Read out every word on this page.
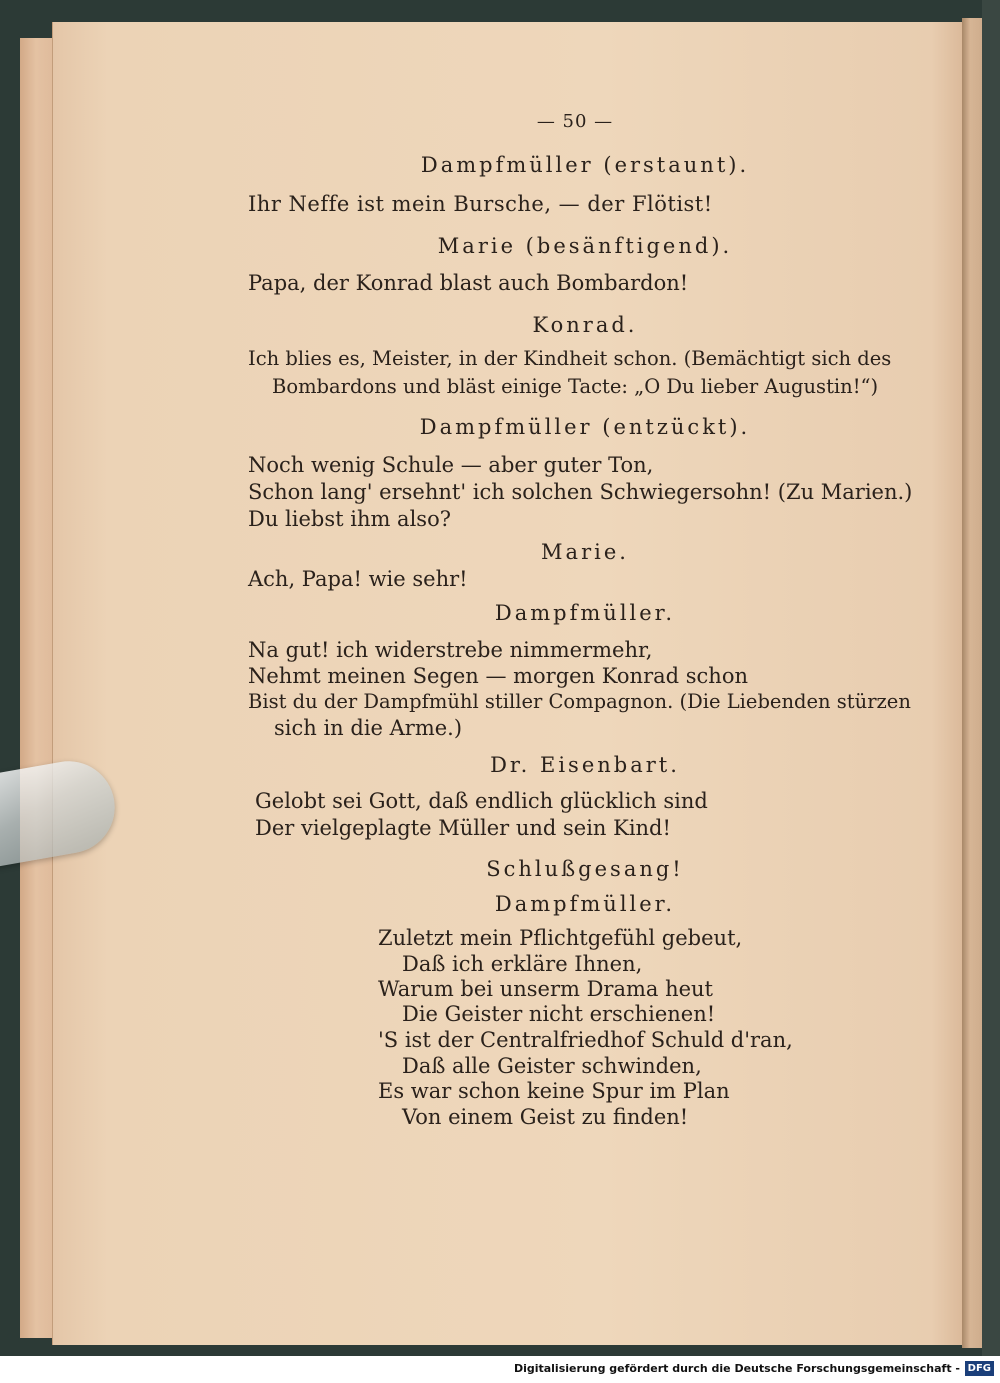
— 50 —

Dampfmüller (erstaunt).

Ihr Neffe ist mein Bursche, — der Flötist!

Marie (besänftigend).

Papa, der Konrad blast auch Bombardon!

Konrad.

Ich blies es, Meister, in der Kindheit schon. (Bemächtigt sich des

Bombardons und bläst einige Tacte: „O Du lieber Augustin!“)

Dampfmüller (entzückt).

Noch wenig Schule — aber guter Ton,

Schon lang' ersehnt' ich solchen Schwiegersohn! (Zu Marien.)

Du liebst ihm also?

Marie.

Ach, Papa! wie sehr!

Dampfmüller.

Na gut! ich widerstrebe nimmermehr,

Nehmt meinen Segen — morgen Konrad schon

Bist du der Dampfmühl stiller Compagnon. (Die Liebenden stürzen

sich in die Arme.)

Dr. Eisenbart.

Gelobt sei Gott, daß endlich glücklich sind

Der vielgeplagte Müller und sein Kind!

Schlußgesang!

Dampfmüller.

Zuletzt mein Pflichtgefühl gebeut,

Daß ich erkläre Ihnen,

Warum bei unserm Drama heut

Die Geister nicht erschienen!

'S ist der Centralfriedhof Schuld d'ran,

Daß alle Geister schwinden,

Es war schon keine Spur im Plan

Von einem Geist zu finden!

Digitalisierung gefördert durch die Deutsche Forschungsgemeinschaft - DFG
